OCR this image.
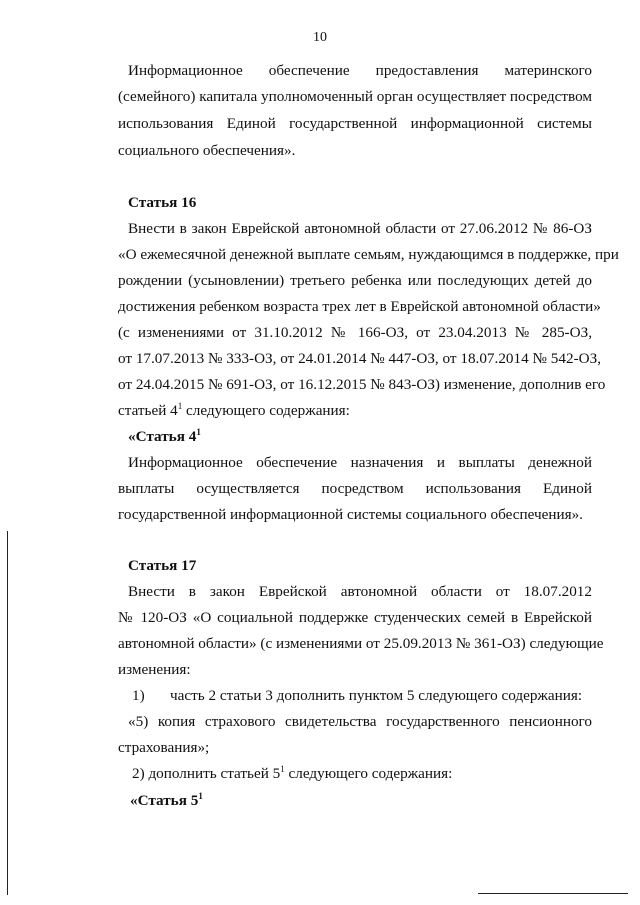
10
Информационное обеспечение предоставления материнского
(семейного) капитала уполномоченный орган осуществляет посредством
использования Единой государственной информационной системы
социального обеспечения».
Статья 16
Внести в закон Еврейской автономной области от 27.06.2012 № 86-ОЗ
«О ежемесячной денежной выплате семьям, нуждающимся в поддержке, при
рождении (усыновлении) третьего ребенка или последующих детей до
достижения ребенком возраста трех лет в Еврейской автономной области»
(с изменениями от 31.10.2012 № 166-ОЗ, от 23.04.2013 № 285-ОЗ,
от 17.07.2013 № 333-ОЗ, от 24.01.2014 № 447-ОЗ, от 18.07.2014 № 542-ОЗ,
от 24.04.2015 № 691-ОЗ, от 16.12.2015 № 843-ОЗ) изменение, дополнив его
статьей $4^1$ следующего содержания:
«Статья $4^1$
Информационное обеспечение назначения и выплаты денежной
выплаты осуществляется посредством использования Единой
государственной информационной системы социального обеспечения».
Статья 17
Внести в закон Еврейской автономной области от 18.07.2012
№ 120-ОЗ «О социальной поддержке студенческих семей в Еврейской
автономной области» (с изменениями от 25.09.2013 № 361-ОЗ) следующие
изменения:
1)	часть 2 статьи 3 дополнить пунктом 5 следующего содержания:
«5) копия страхового свидетельства государственного пенсионного
страхования»;
2) дополнить статьей $5^1$ следующего содержания:
«Статья $5^1$
